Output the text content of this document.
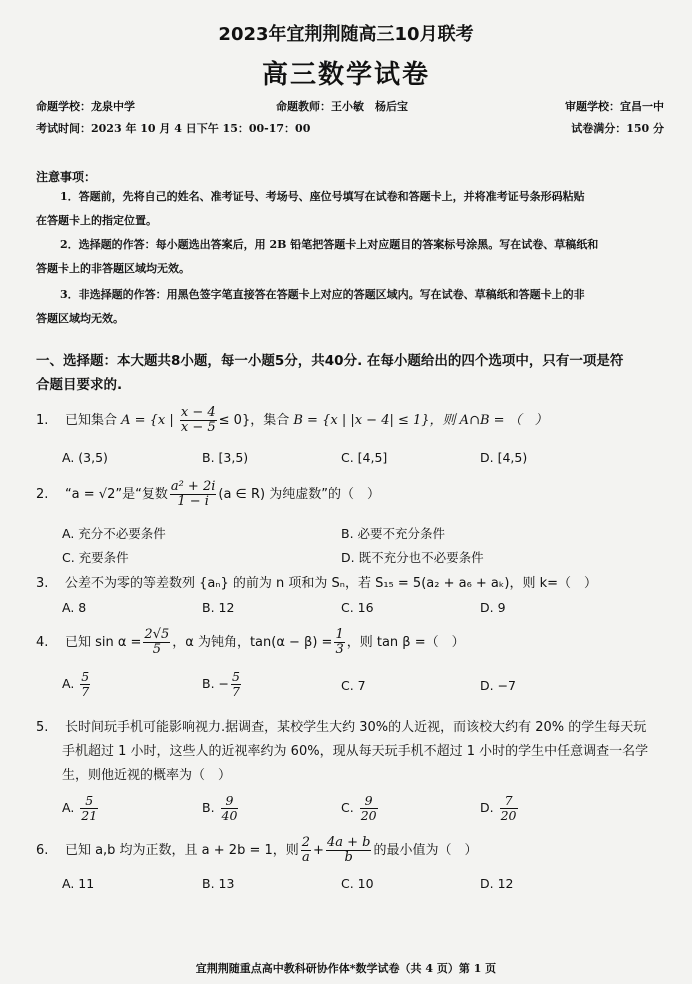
2023年宜荆荆随高三10月联考
高三数学试卷
命题学校：龙泉中学	命题教师：王小敏　杨后宝	审题学校：宜昌一中
考试时间：2023 年 10 月 4 日下午 15：00-17：00	试卷满分：150 分
注意事项：
1．答题前，先将自己的姓名、准考证号、考场号、座位号填写在试卷和答题卡上，并将准考证号条形码粘贴
在答题卡上的指定位置。
2．选择题的作答：每小题选出答案后，用 2B 铅笔把答题卡上对应题目的答案标号涂黑。写在试卷、草稿纸和
答题卡上的非答题区域均无效。
3．非选择题的作答：用黑色签字笔直接答在答题卡上对应的答题区域内。写在试卷、草稿纸和答题卡上的非
答题区域均无效。
一、选择题：本大题共8小题，每一小题5分，共40分. 在每小题给出的四个选项中，只有一项是符
合题目要求的.
1. 已知集合 A = {x | $\frac{x - 4}{x - 5} \le 0$}，集合 B = {x | |x − 4| ≤ 1}，则 A∩B = （　）
A. (3,5)	B. [3,5)	C. [4,5]	D. [4,5)
2. “a = √2”是“复数 $\frac{\text{a² + 2i}}{1 - i} (a$ ∈ R) 为纯虚数”的（　）
A. 充分不必要条件	B. 必要不充分条件
C. 充要条件	D. 既不充分也不必要条件
3. 公差不为零的等差数列 {aₙ} 的前为 n 项和为 Sₙ，若 S₁₅ = 5(a₂ + a₆ + aₖ)，则 k=（　）
A. 8	B. 12	C. 16	D. 9
4. 已知 $\sin \alpha = \frac{2√5}{5}$ ，α 为钝角，$\tan(\alpha - \beta) = \frac{1}{3}$ ，则 tan β =（　）
A. $\frac{5}{7}$	B. − $\frac{5}{7}$	C. 7	D. −7
5. 长时间玩手机可能影响视力.据调查，某校学生大约 30%的人近视，而该校大约有 20% 的学生每天玩
手机超过 1 小时，这些人的近视率约为 60%，现从每天玩手机不超过 1 小时的学生中任意调查一名学
生，则他近视的概率为（　）
A. $\frac{5}{21}$	B. $\frac{9}{40}$	C. $\frac{9}{20}$	D. $\frac{7}{20}$
6. 已知 a,b 均为正数，且 a + 2b = 1，则 $\frac{2}{a} + \frac{4a + b}{b}$ 的最小值为（　）
A. 11	B. 13	C. 10	D. 12
宜荆荆随重点高中教科研协作体*数学试卷（共 4 页）第 1 页
